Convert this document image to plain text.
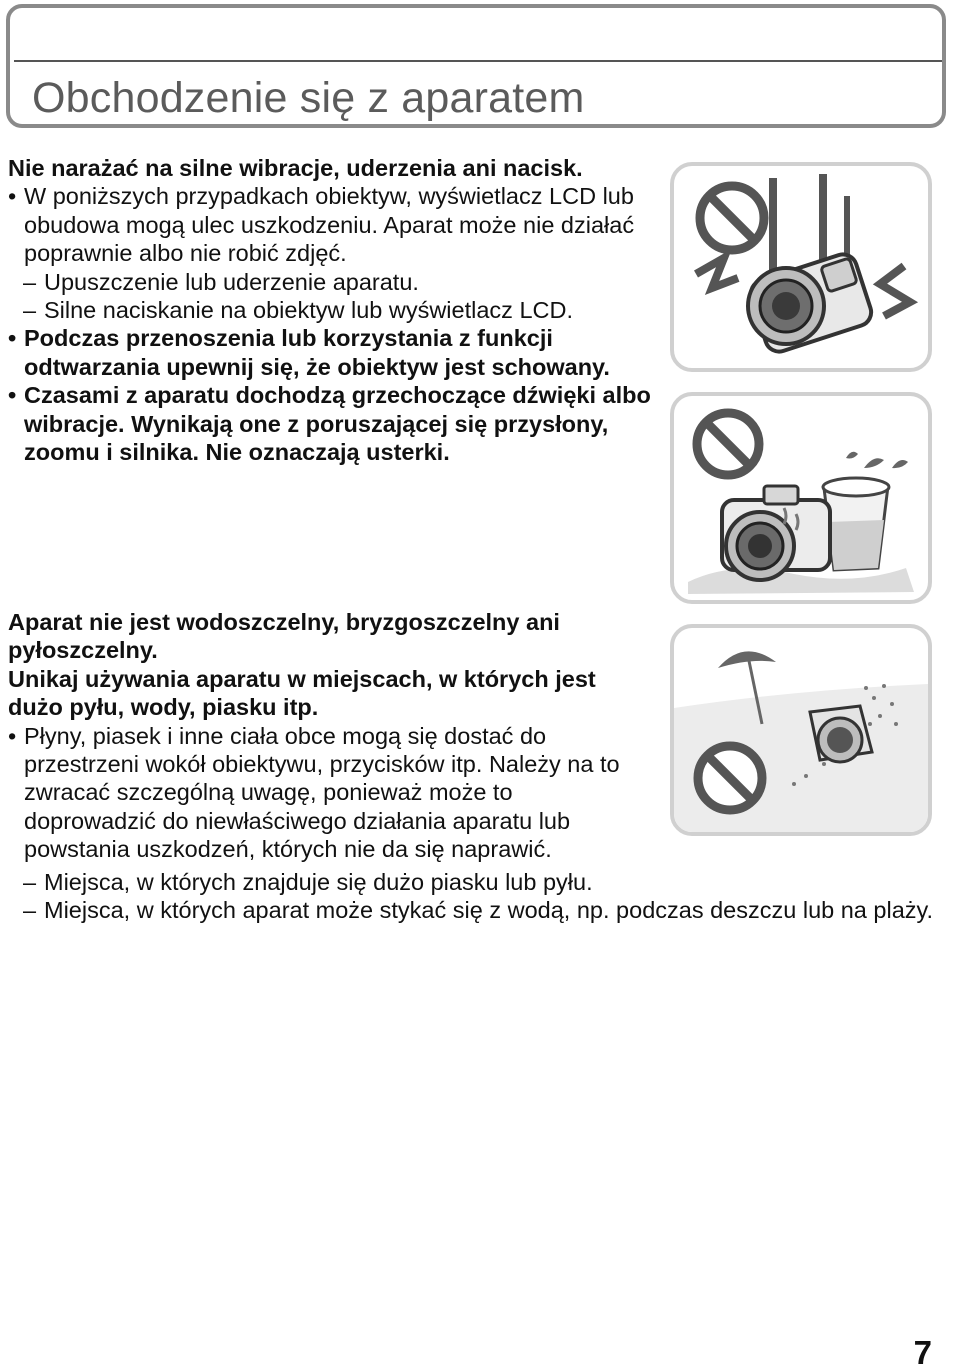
Obchodzenie się z aparatem

Nie narażać na silne wibracje, uderzenia ani nacisk.

• W poniższych przypadkach obiektyw, wyświetlacz LCD lub obudowa mogą ulec uszkodzeniu. Aparat może nie działać poprawnie albo nie robić zdjęć.

– Upuszczenie lub uderzenie aparatu.

– Silne naciskanie na obiektyw lub wyświetlacz LCD.

• Podczas przenoszenia lub korzystania z funkcji odtwarzania upewnij się, że obiektyw jest schowany.

• Czasami z aparatu dochodzą grzechoczące dźwięki albo wibracje. Wynikają one z poruszającej się przysłony, zoomu i silnika. Nie oznaczają usterki.

Aparat nie jest wodoszczelny, bryzgoszczelny ani pyłoszczelny.

Unikaj używania aparatu w miejscach, w których jest dużo pyłu, wody, piasku itp.

• Płyny, piasek i inne ciała obce mogą się dostać do przestrzeni wokół obiektywu, przycisków itp. Należy na to zwracać szczególną uwagę, ponieważ może to doprowadzić do niewłaściwego działania aparatu lub powstania uszkodzeń, których nie da się naprawić.

– Miejsca, w których znajduje się dużo piasku lub pyłu.

– Miejsca, w których aparat może stykać się z wodą, np. podczas deszczu lub na plaży.

7
